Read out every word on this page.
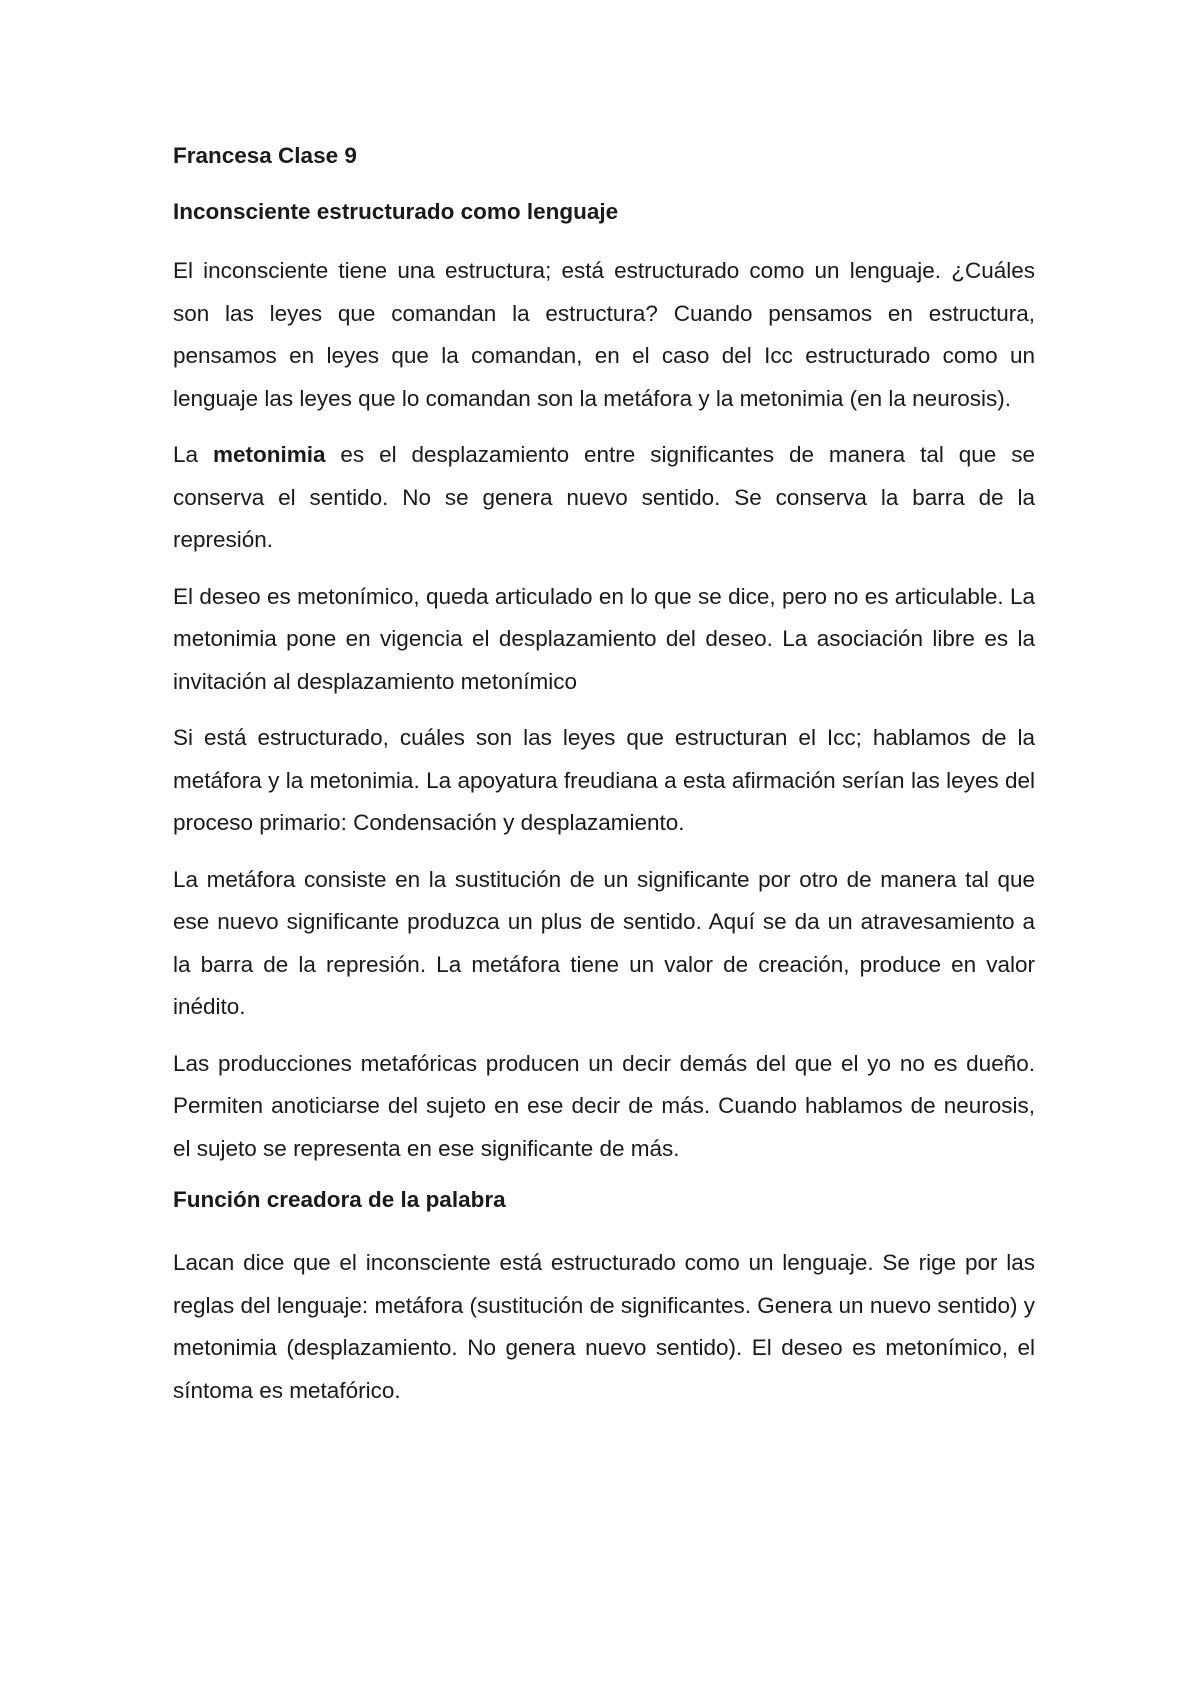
Francesa Clase 9
Inconsciente estructurado como lenguaje

El inconsciente tiene una estructura; está estructurado como un lenguaje. ¿Cuáles son las leyes que comandan la estructura? Cuando pensamos en estructura, pensamos en leyes que la comandan, en el caso del Icc estructurado como un lenguaje las leyes que lo comandan son la metáfora y la metonimia (en la neurosis).

La metonimia es el desplazamiento entre significantes de manera tal que se conserva el sentido. No se genera nuevo sentido. Se conserva la barra de la represión.

El deseo es metonímico, queda articulado en lo que se dice, pero no es articulable. La metonimia pone en vigencia el desplazamiento del deseo. La asociación libre es la invitación al desplazamiento metonímico

Si está estructurado, cuáles son las leyes que estructuran el Icc; hablamos de la metáfora y la metonimia. La apoyatura freudiana a esta afirmación serían las leyes del proceso primario: Condensación y desplazamiento.

La metáfora consiste en la sustitución de un significante por otro de manera tal que ese nuevo significante produzca un plus de sentido. Aquí se da un atravesamiento a la barra de la represión. La metáfora tiene un valor de creación, produce en valor inédito.

Las producciones metafóricas producen un decir demás del que el yo no es dueño. Permiten anoticiarse del sujeto en ese decir de más. Cuando hablamos de neurosis, el sujeto se representa en ese significante de más.

Función creadora de la palabra

Lacan dice que el inconsciente está estructurado como un lenguaje. Se rige por las reglas del lenguaje: metáfora (sustitución de significantes. Genera un nuevo sentido) y metonimia (desplazamiento. No genera nuevo sentido). El deseo es metonímico, el síntoma es metafórico.
